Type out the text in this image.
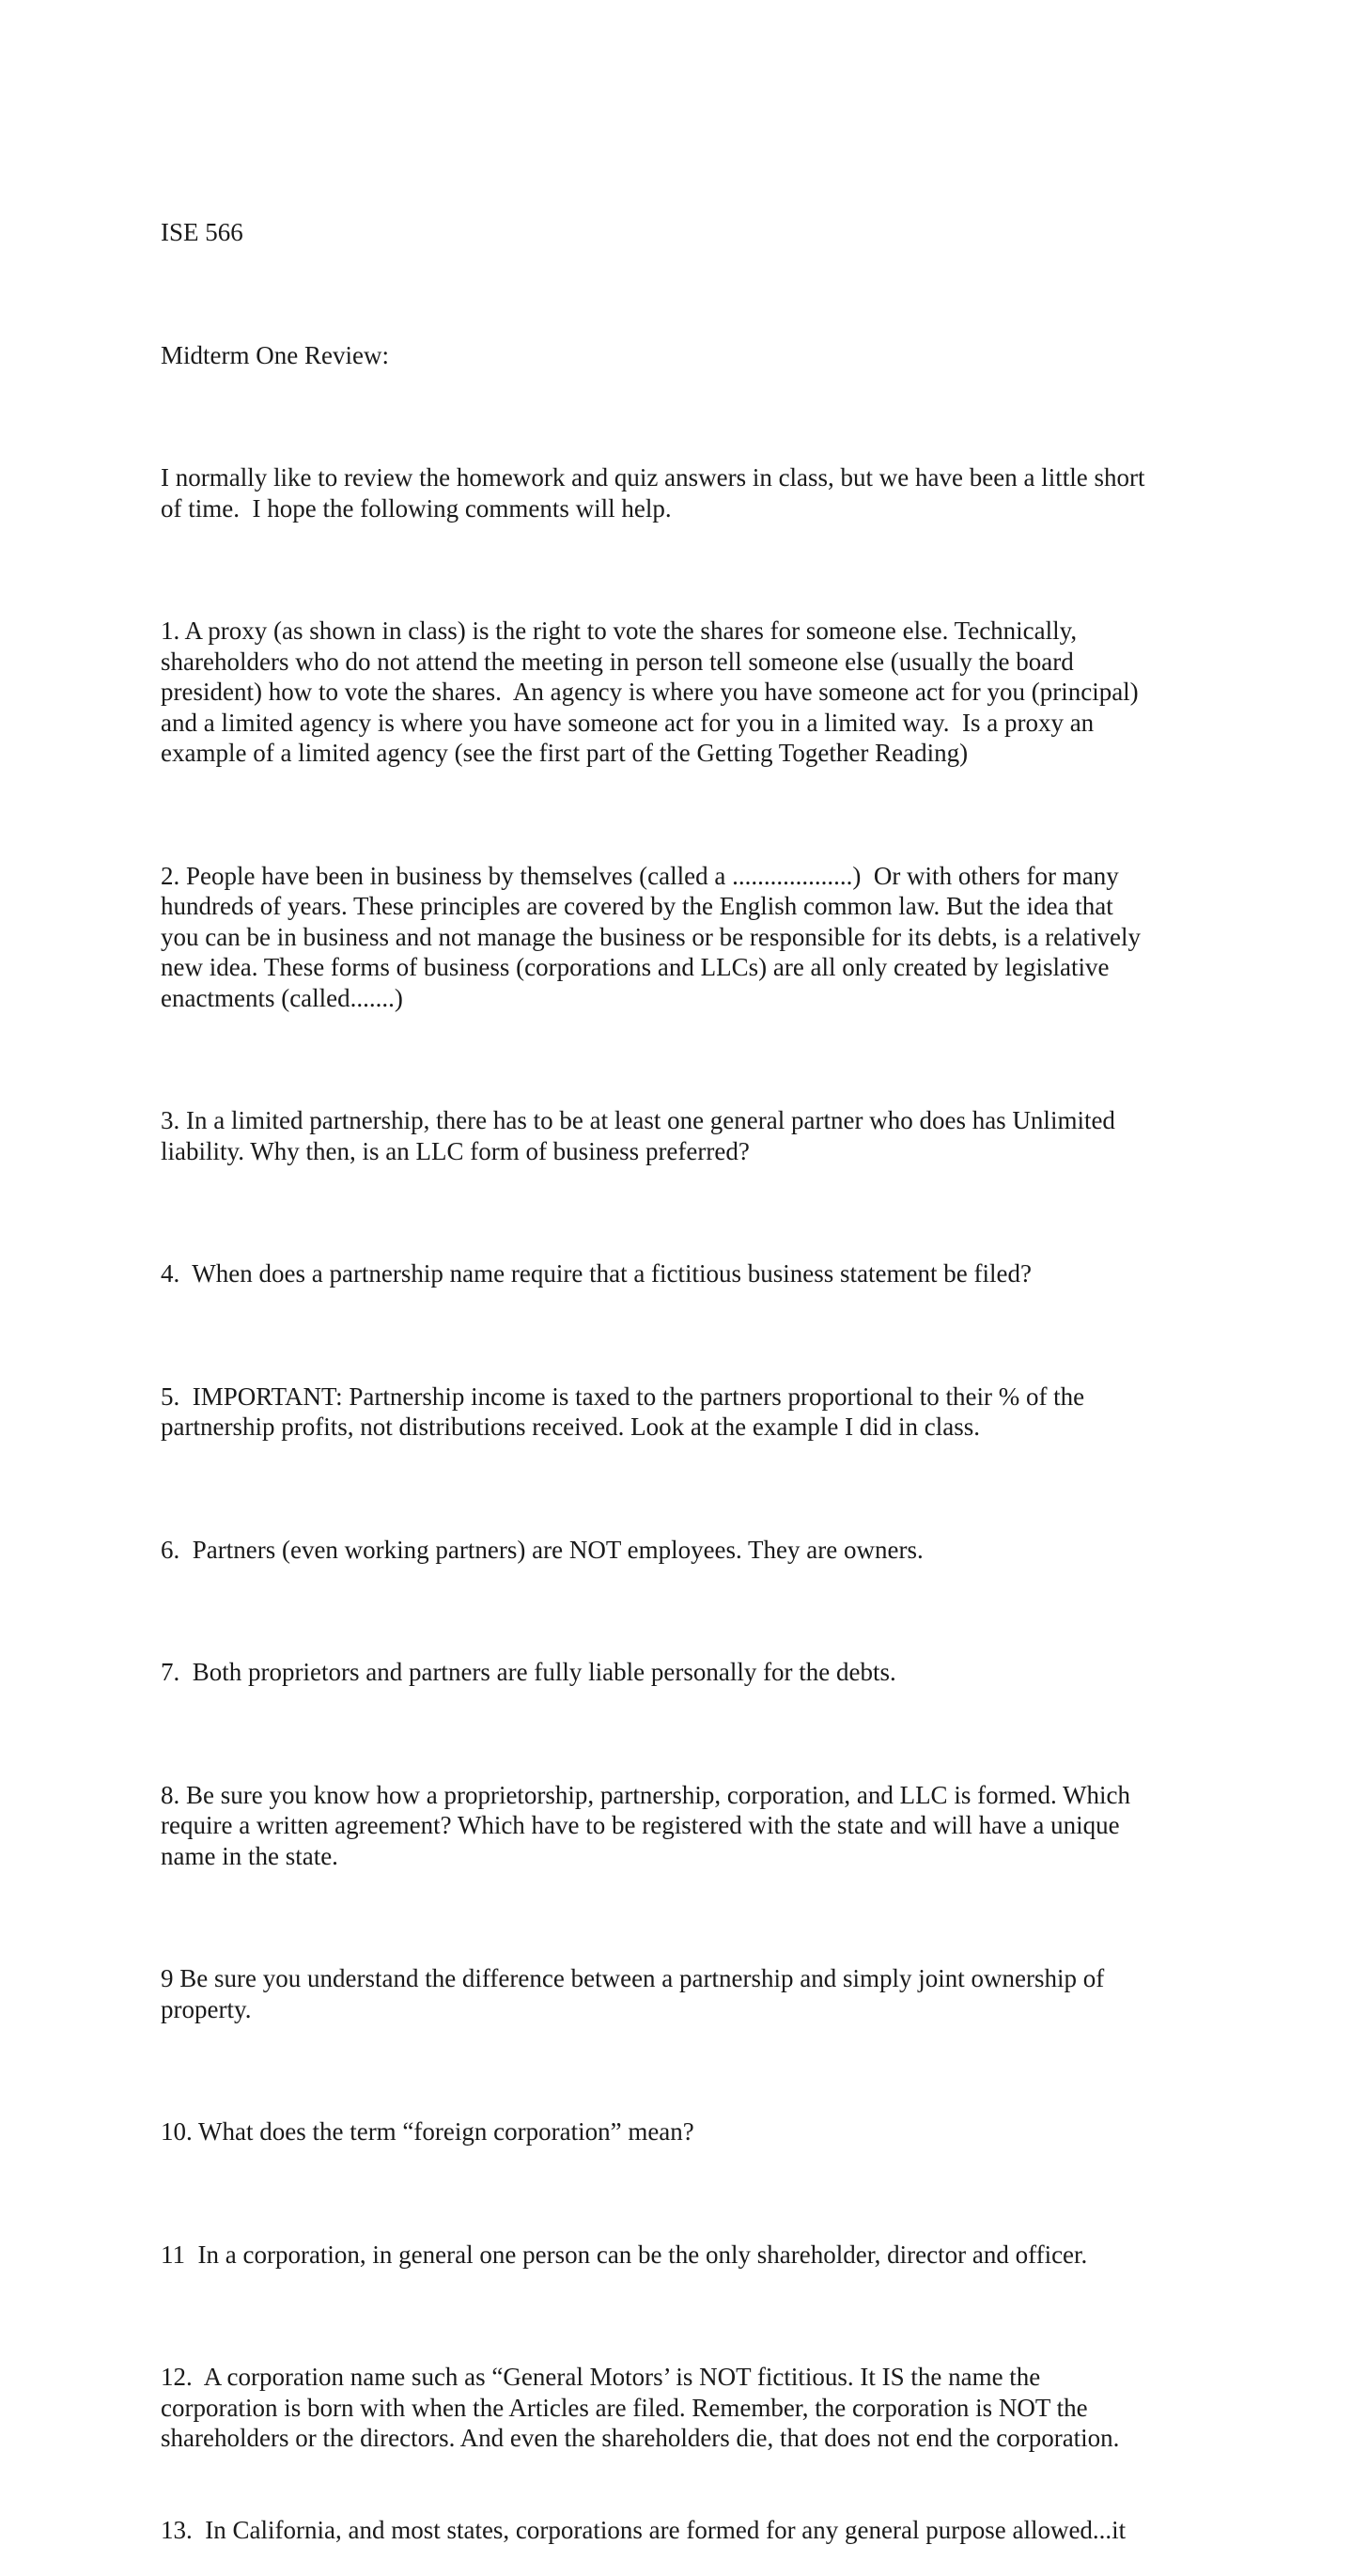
ISE 566

Midterm One Review:

I normally like to review the homework and quiz answers in class, but we have been a little short
of time.  I hope the following comments will help.

1. A proxy (as shown in class) is the right to vote the shares for someone else. Technically,
shareholders who do not attend the meeting in person tell someone else (usually the board
president) how to vote the shares.  An agency is where you have someone act for you (principal)
and a limited agency is where you have someone act for you in a limited way.  Is a proxy an
example of a limited agency (see the first part of the Getting Together Reading)

2. People have been in business by themselves (called a ...................)  Or with others for many
hundreds of years. These principles are covered by the English common law. But the idea that
you can be in business and not manage the business or be responsible for its debts, is a relatively
new idea. These forms of business (corporations and LLCs) are all only created by legislative
enactments (called.......)

3. In a limited partnership, there has to be at least one general partner who does has Unlimited
liability. Why then, is an LLC form of business preferred?

4.  When does a partnership name require that a fictitious business statement be filed?

5.  IMPORTANT: Partnership income is taxed to the partners proportional to their % of the
partnership profits, not distributions received. Look at the example I did in class.

6.  Partners (even working partners) are NOT employees. They are owners.

7.  Both proprietors and partners are fully liable personally for the debts.

8. Be sure you know how a proprietorship, partnership, corporation, and LLC is formed. Which
require a written agreement? Which have to be registered with the state and will have a unique
name in the state.

9 Be sure you understand the difference between a partnership and simply joint ownership of
property.

10. What does the term “foreign corporation” mean?

11  In a corporation, in general one person can be the only shareholder, director and officer.

12.  A corporation name such as “General Motors’ is NOT fictitious. It IS the name the
corporation is born with when the Articles are filed. Remember, the corporation is NOT the
shareholders or the directors. And even the shareholders die, that does not end the corporation.

13.  In California, and most states, corporations are formed for any general purpose allowed...it
